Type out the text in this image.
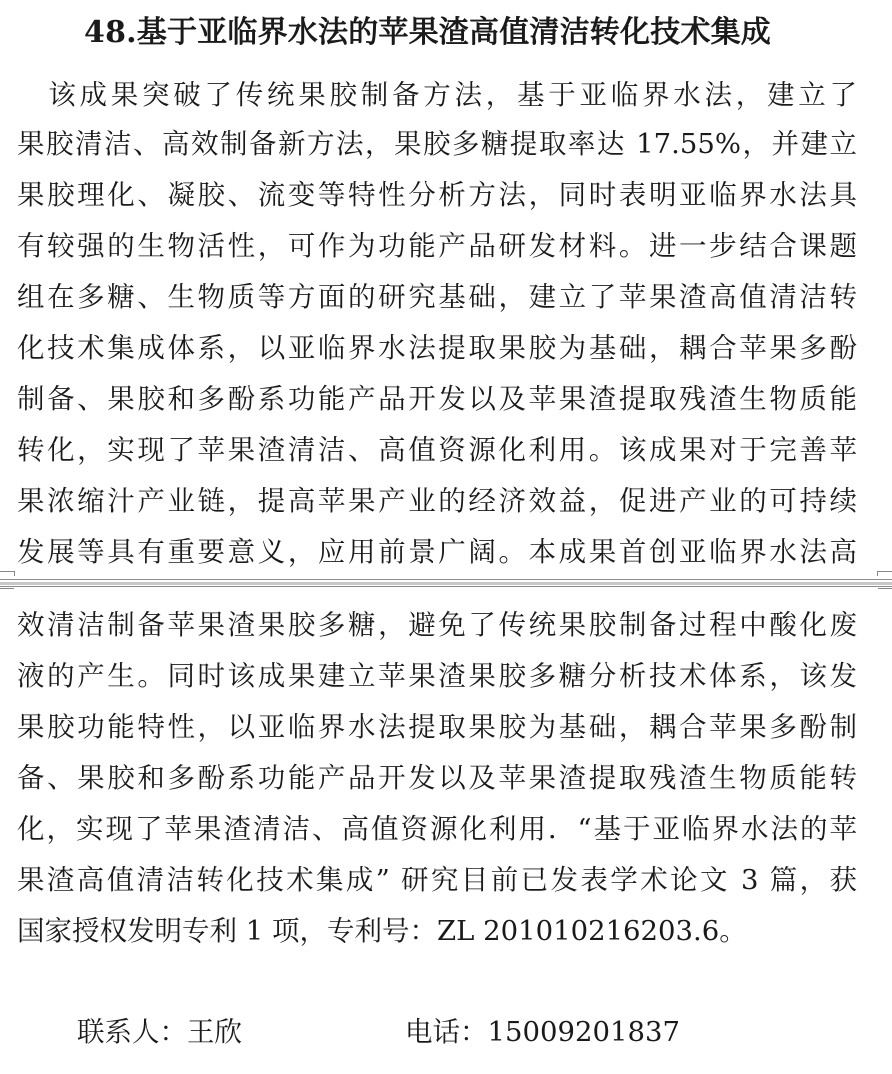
48.基于亚临界水法的苹果渣高值清洁转化技术集成
　该成果突破了传统果胶制备方法，基于亚临界水法，建立了
果胶清洁、高效制备新方法，果胶多糖提取率达 17.55%，并建立
果胶理化、凝胶、流变等特性分析方法，同时表明亚临界水法具
有较强的生物活性，可作为功能产品研发材料。进一步结合课题
组在多糖、生物质等方面的研究基础，建立了苹果渣高值清洁转
化技术集成体系，以亚临界水法提取果胶为基础，耦合苹果多酚
制备、果胶和多酚系功能产品开发以及苹果渣提取残渣生物质能
转化，实现了苹果渣清洁、高值资源化利用。该成果对于完善苹
果浓缩汁产业链，提高苹果产业的经济效益，促进产业的可持续
发展等具有重要意义，应用前景广阔。本成果首创亚临界水法高
效清洁制备苹果渣果胶多糖，避免了传统果胶制备过程中酸化废
液的产生。同时该成果建立苹果渣果胶多糖分析技术体系，该发
果胶功能特性，以亚临界水法提取果胶为基础，耦合苹果多酚制
备、果胶和多酚系功能产品开发以及苹果渣提取残渣生物质能转
化，实现了苹果渣清洁、高值资源化利用．“基于亚临界水法的苹
果渣高值清洁转化技术集成” 研究目前已发表学术论文 3 篇，获
国家授权发明专利 1 项，专利号：ZL 201010216203.6。
联系人：王欣	电话：15009201837
